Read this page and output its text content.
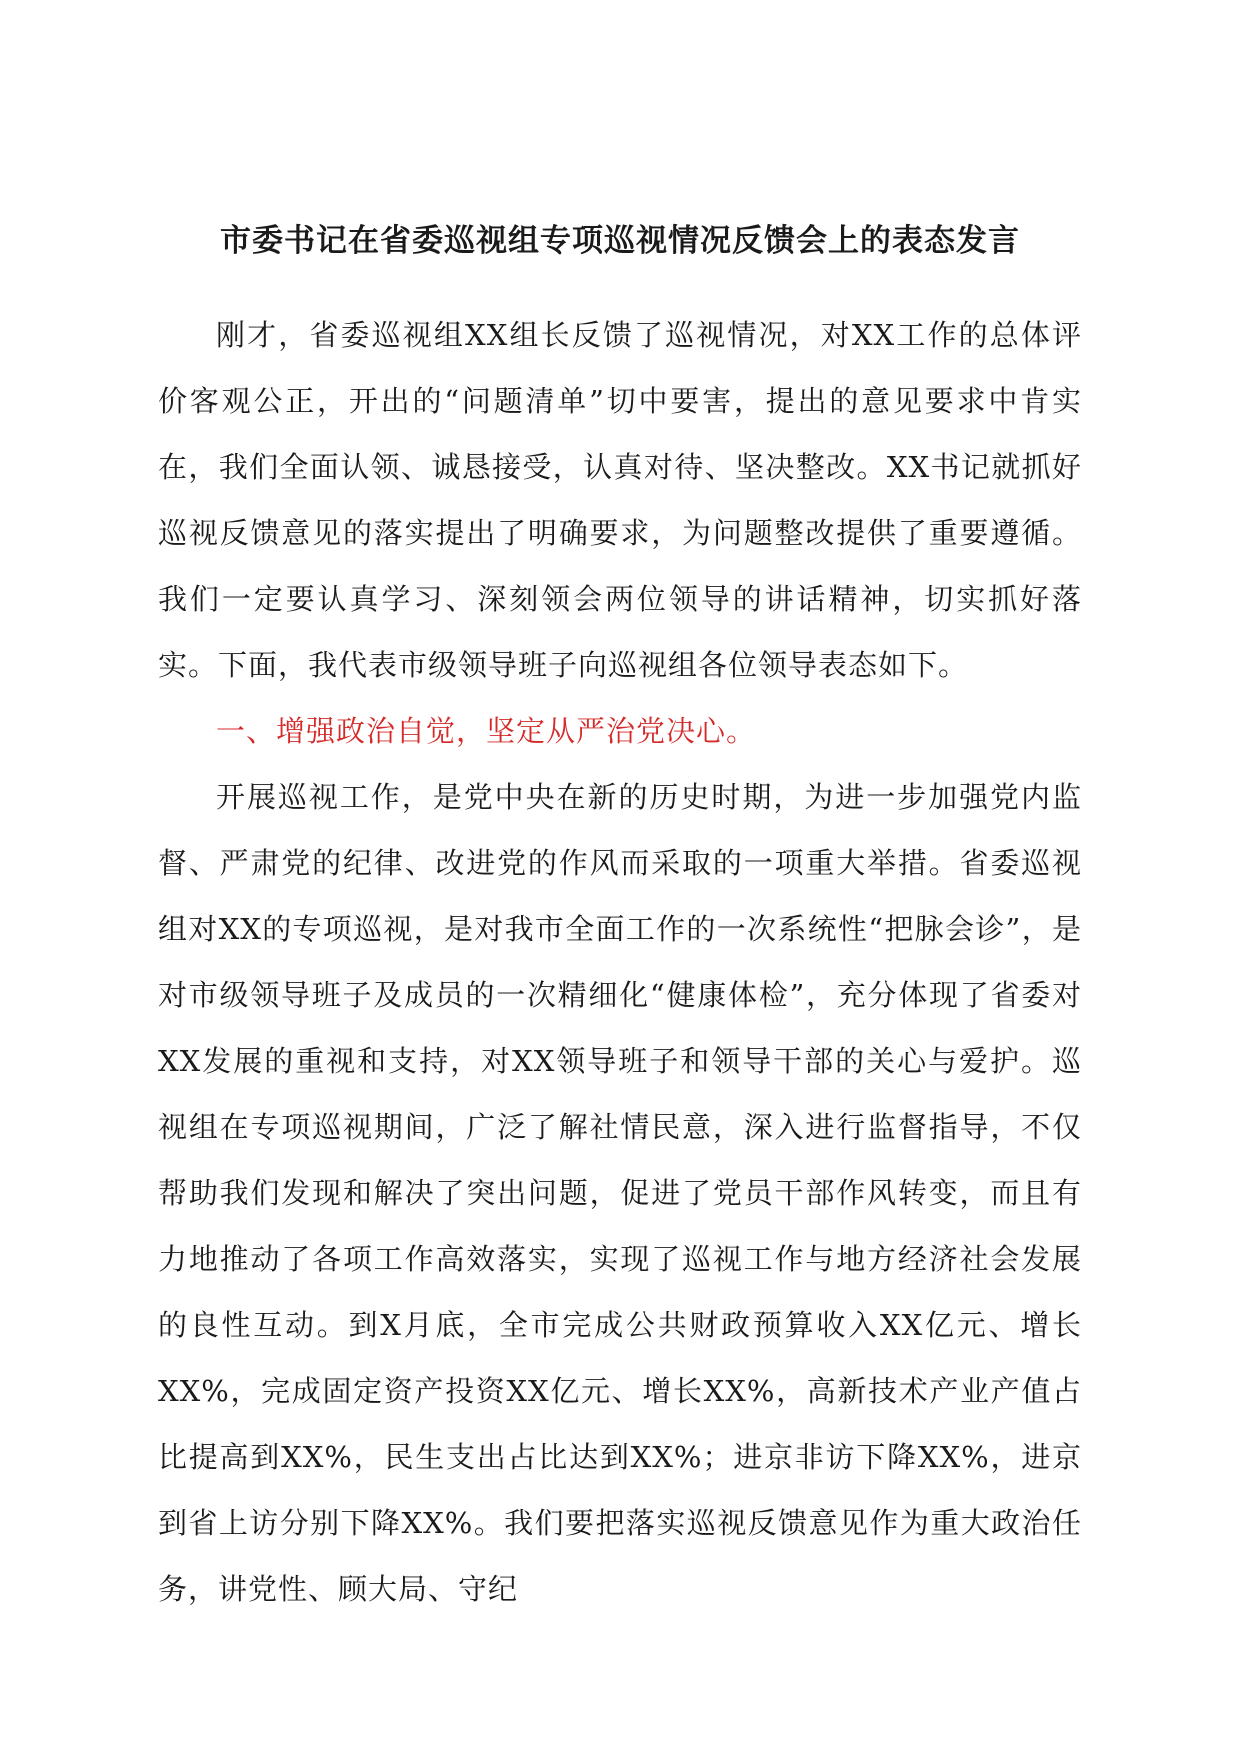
市委书记在省委巡视组专项巡视情况反馈会上的表态发言

刚才，省委巡视组XX组长反馈了巡视情况，对XX工作的总体评价客观公正，开出的“问题清单”切中要害，提出的意见要求中肯实在，我们全面认领、诚恳接受，认真对待、坚决整改。XX书记就抓好巡视反馈意见的落实提出了明确要求，为问题整改提供了重要遵循。我们一定要认真学习、深刻领会两位领导的讲话精神，切实抓好落实。下面，我代表市级领导班子向巡视组各位领导表态如下。

一、增强政治自觉，坚定从严治党决心。

开展巡视工作，是党中央在新的历史时期，为进一步加强党内监督、严肃党的纪律、改进党的作风而采取的一项重大举措。省委巡视组对XX的专项巡视，是对我市全面工作的一次系统性“把脉会诊”，是对市级领导班子及成员的一次精细化“健康体检”，充分体现了省委对XX发展的重视和支持，对XX领导班子和领导干部的关心与爱护。巡视组在专项巡视期间，广泛了解社情民意，深入进行监督指导，不仅帮助我们发现和解决了突出问题，促进了党员干部作风转变，而且有力地推动了各项工作高效落实，实现了巡视工作与地方经济社会发展的良性互动。到X月底，全市完成公共财政预算收入XX亿元、增长XX%，完成固定资产投资XX亿元、增长XX%，高新技术产业产值占比提高到XX%，民生支出占比达到XX%；进京非访下降XX%，进京到省上访分别下降XX%。我们要把落实巡视反馈意见作为重大政治任务，讲党性、顾大局、守纪
